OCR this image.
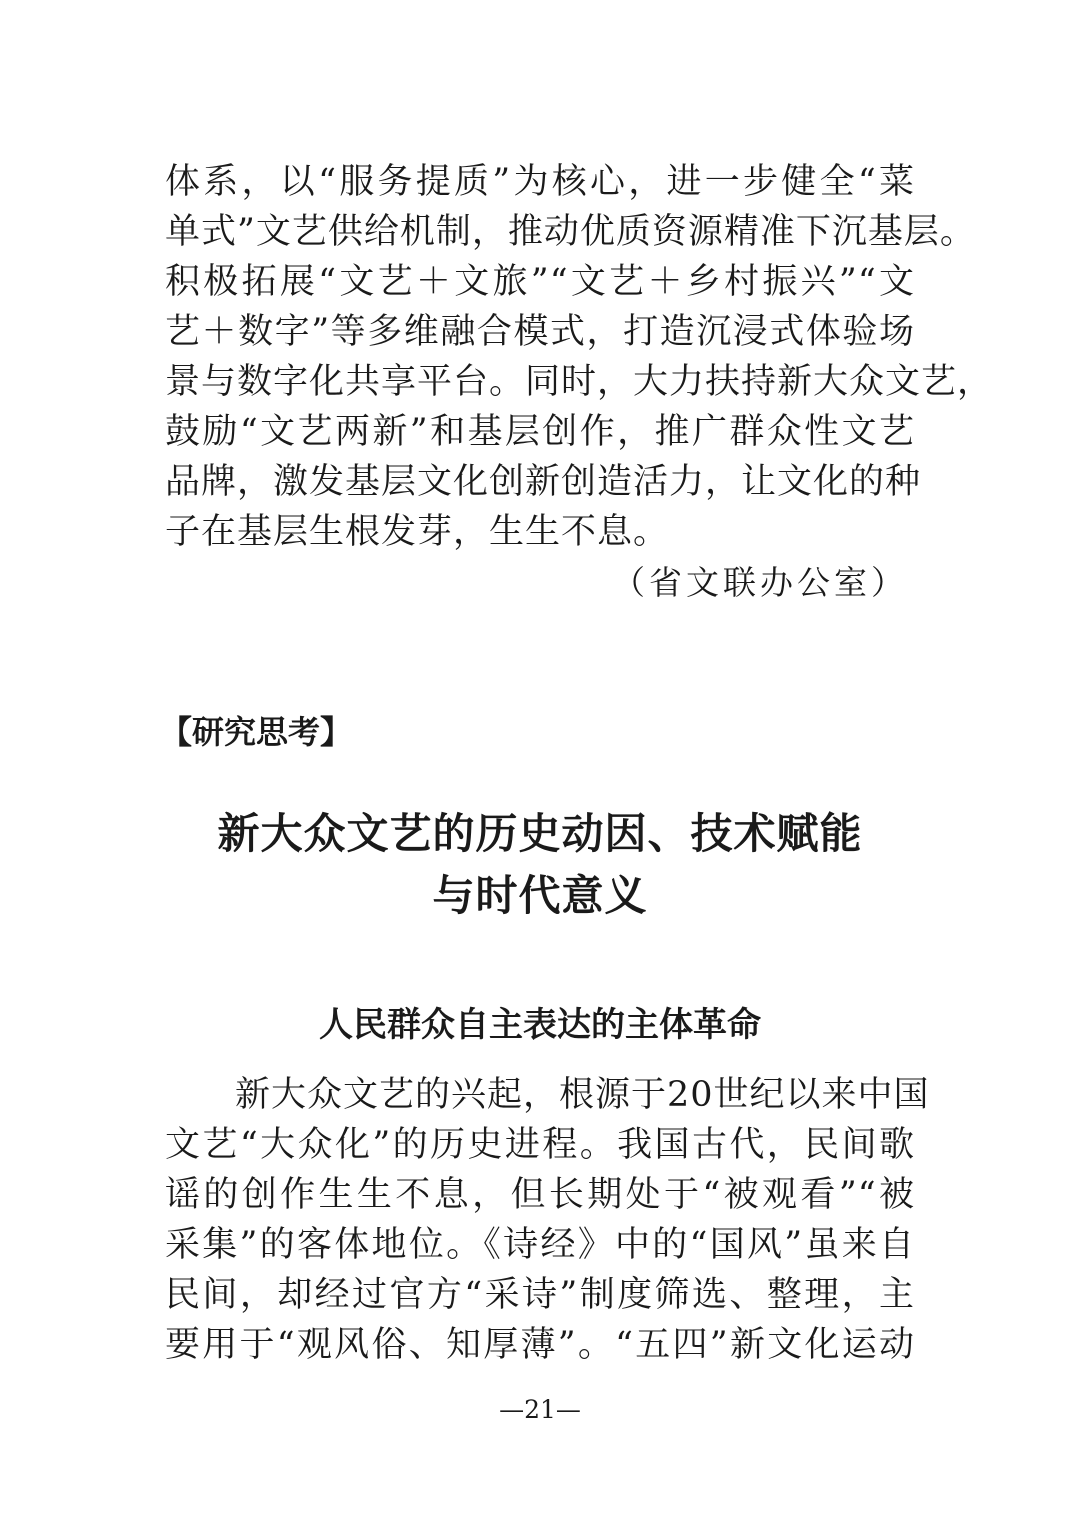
体系，以“服务提质”为核心，进一步健全“菜

单式”文艺供给机制，推动优质资源精准下沉基层。

积极拓展“文艺＋文旅”“文艺＋乡村振兴”“文

艺＋数字”等多维融合模式，打造沉浸式体验场

景与数字化共享平台。同时，大力扶持新大众文艺，

鼓励“文艺两新”和基层创作，推广群众性文艺

品牌，激发基层文化创新创造活力，让文化的种

子在基层生根发芽，生生不息。

（省文联办公室）

【研究思考】

新大众文艺的历史动因、技术赋能
与时代意义
人民群众自主表达的主体革命

新大众文艺的兴起，根源于20世纪以来中国

文艺“大众化”的历史进程。我国古代，民间歌

谣的创作生生不息，但长期处于“被观看”“被

采集”的客体地位。《诗经》中的“国风”虽来自

民间，却经过官方“采诗”制度筛选、整理，主

要用于“观风俗、知厚薄”。“五四”新文化运动

—21—
